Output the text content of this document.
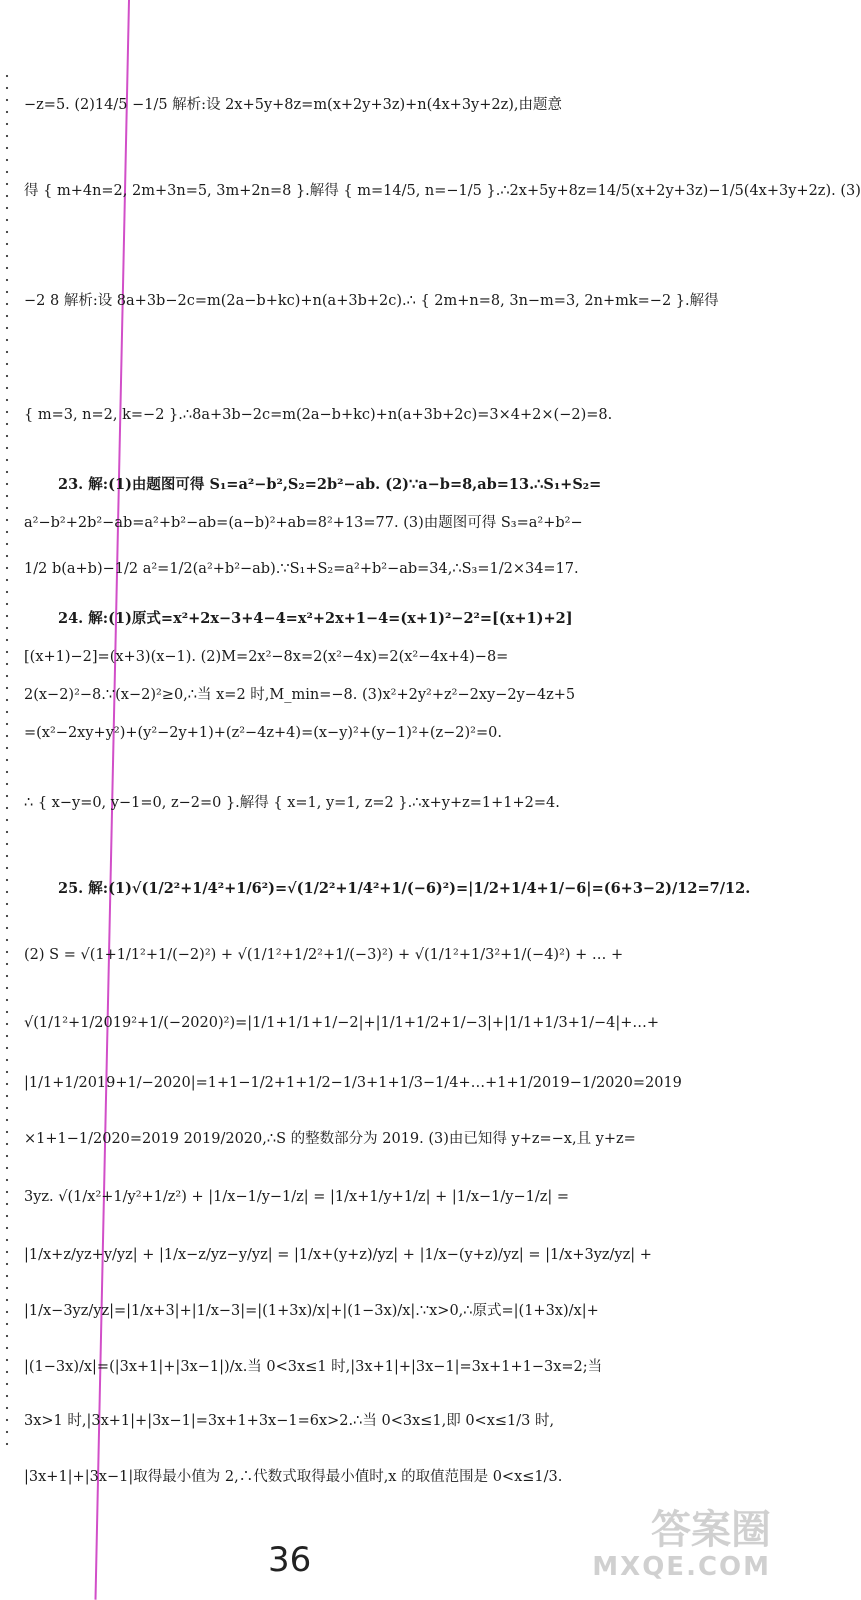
−z=5. (2)14/5 −1/5 解析:设 2x+5y+8z=m(x+2y+3z)+n(4x+3y+2z),由题意
得 { m+4n=2, 2m+3n=5, 3m+2n=8 }.解得 { m=14/5, n=−1/5 }.∴2x+5y+8z=14/5(x+2y+3z)−1/5(4x+3y+2z). (3)
−2 8 解析:设 8a+3b−2c=m(2a−b+kc)+n(a+3b+2c).∴ { 2m+n=8, 3n−m=3, 2n+mk=−2 }.解得
{ m=3, n=2, k=−2 }.∴8a+3b−2c=m(2a−b+kc)+n(a+3b+2c)=3×4+2×(−2)=8.
23. 解:(1)由题图可得 S₁=a²−b²,S₂=2b²−ab. (2)∵a−b=8,ab=13.∴S₁+S₂=
a²−b²+2b²−ab=a²+b²−ab=(a−b)²+ab=8²+13=77. (3)由题图可得 S₃=a²+b²−
1/2 b(a+b)−1/2 a²=1/2(a²+b²−ab).∵S₁+S₂=a²+b²−ab=34,∴S₃=1/2×34=17.
24. 解:(1)原式=x²+2x−3+4−4=x²+2x+1−4=(x+1)²−2²=[(x+1)+2]
[(x+1)−2]=(x+3)(x−1). (2)M=2x²−8x=2(x²−4x)=2(x²−4x+4)−8=
2(x−2)²−8.∵(x−2)²≥0,∴当 x=2 时,M_min=−8. (3)x²+2y²+z²−2xy−2y−4z+5
=(x²−2xy+y²)+(y²−2y+1)+(z²−4z+4)=(x−y)²+(y−1)²+(z−2)²=0.
∴ { x−y=0, y−1=0, z−2=0 }.解得 { x=1, y=1, z=2 }.∴x+y+z=1+1+2=4.
25. 解:(1)√(1/2²+1/4²+1/6²)=√(1/2²+1/4²+1/(−6)²)=|1/2+1/4+1/−6|=(6+3−2)/12=7/12.
(2) S = √(1+1/1²+1/(−2)²) + √(1/1²+1/2²+1/(−3)²) + √(1/1²+1/3²+1/(−4)²) + … +
√(1/1²+1/2019²+1/(−2020)²)=|1/1+1/1+1/−2|+|1/1+1/2+1/−3|+|1/1+1/3+1/−4|+…+
|1/1+1/2019+1/−2020|=1+1−1/2+1+1/2−1/3+1+1/3−1/4+…+1+1/2019−1/2020=2019
×1+1−1/2020=2019 2019/2020,∴S 的整数部分为 2019. (3)由已知得 y+z=−x,且 y+z=
3yz. √(1/x²+1/y²+1/z²) + |1/x−1/y−1/z| = |1/x+1/y+1/z| + |1/x−1/y−1/z| =
|1/x+z/yz+y/yz| + |1/x−z/yz−y/yz| = |1/x+(y+z)/yz| + |1/x−(y+z)/yz| = |1/x+3yz/yz| +
|1/x−3yz/yz|=|1/x+3|+|1/x−3|=|(1+3x)/x|+|(1−3x)/x|.∵x>0,∴原式=|(1+3x)/x|+
|(1−3x)/x|=(|3x+1|+|3x−1|)/x.当 0<3x≤1 时,|3x+1|+|3x−1|=3x+1+1−3x=2;当
3x>1 时,|3x+1|+|3x−1|=3x+1+3x−1=6x>2.∴当 0<3x≤1,即 0<x≤1/3 时,
|3x+1|+|3x−1|取得最小值为 2,∴代数式取得最小值时,x 的取值范围是 0<x≤1/3.
36
答案圈
MXQE.COM
